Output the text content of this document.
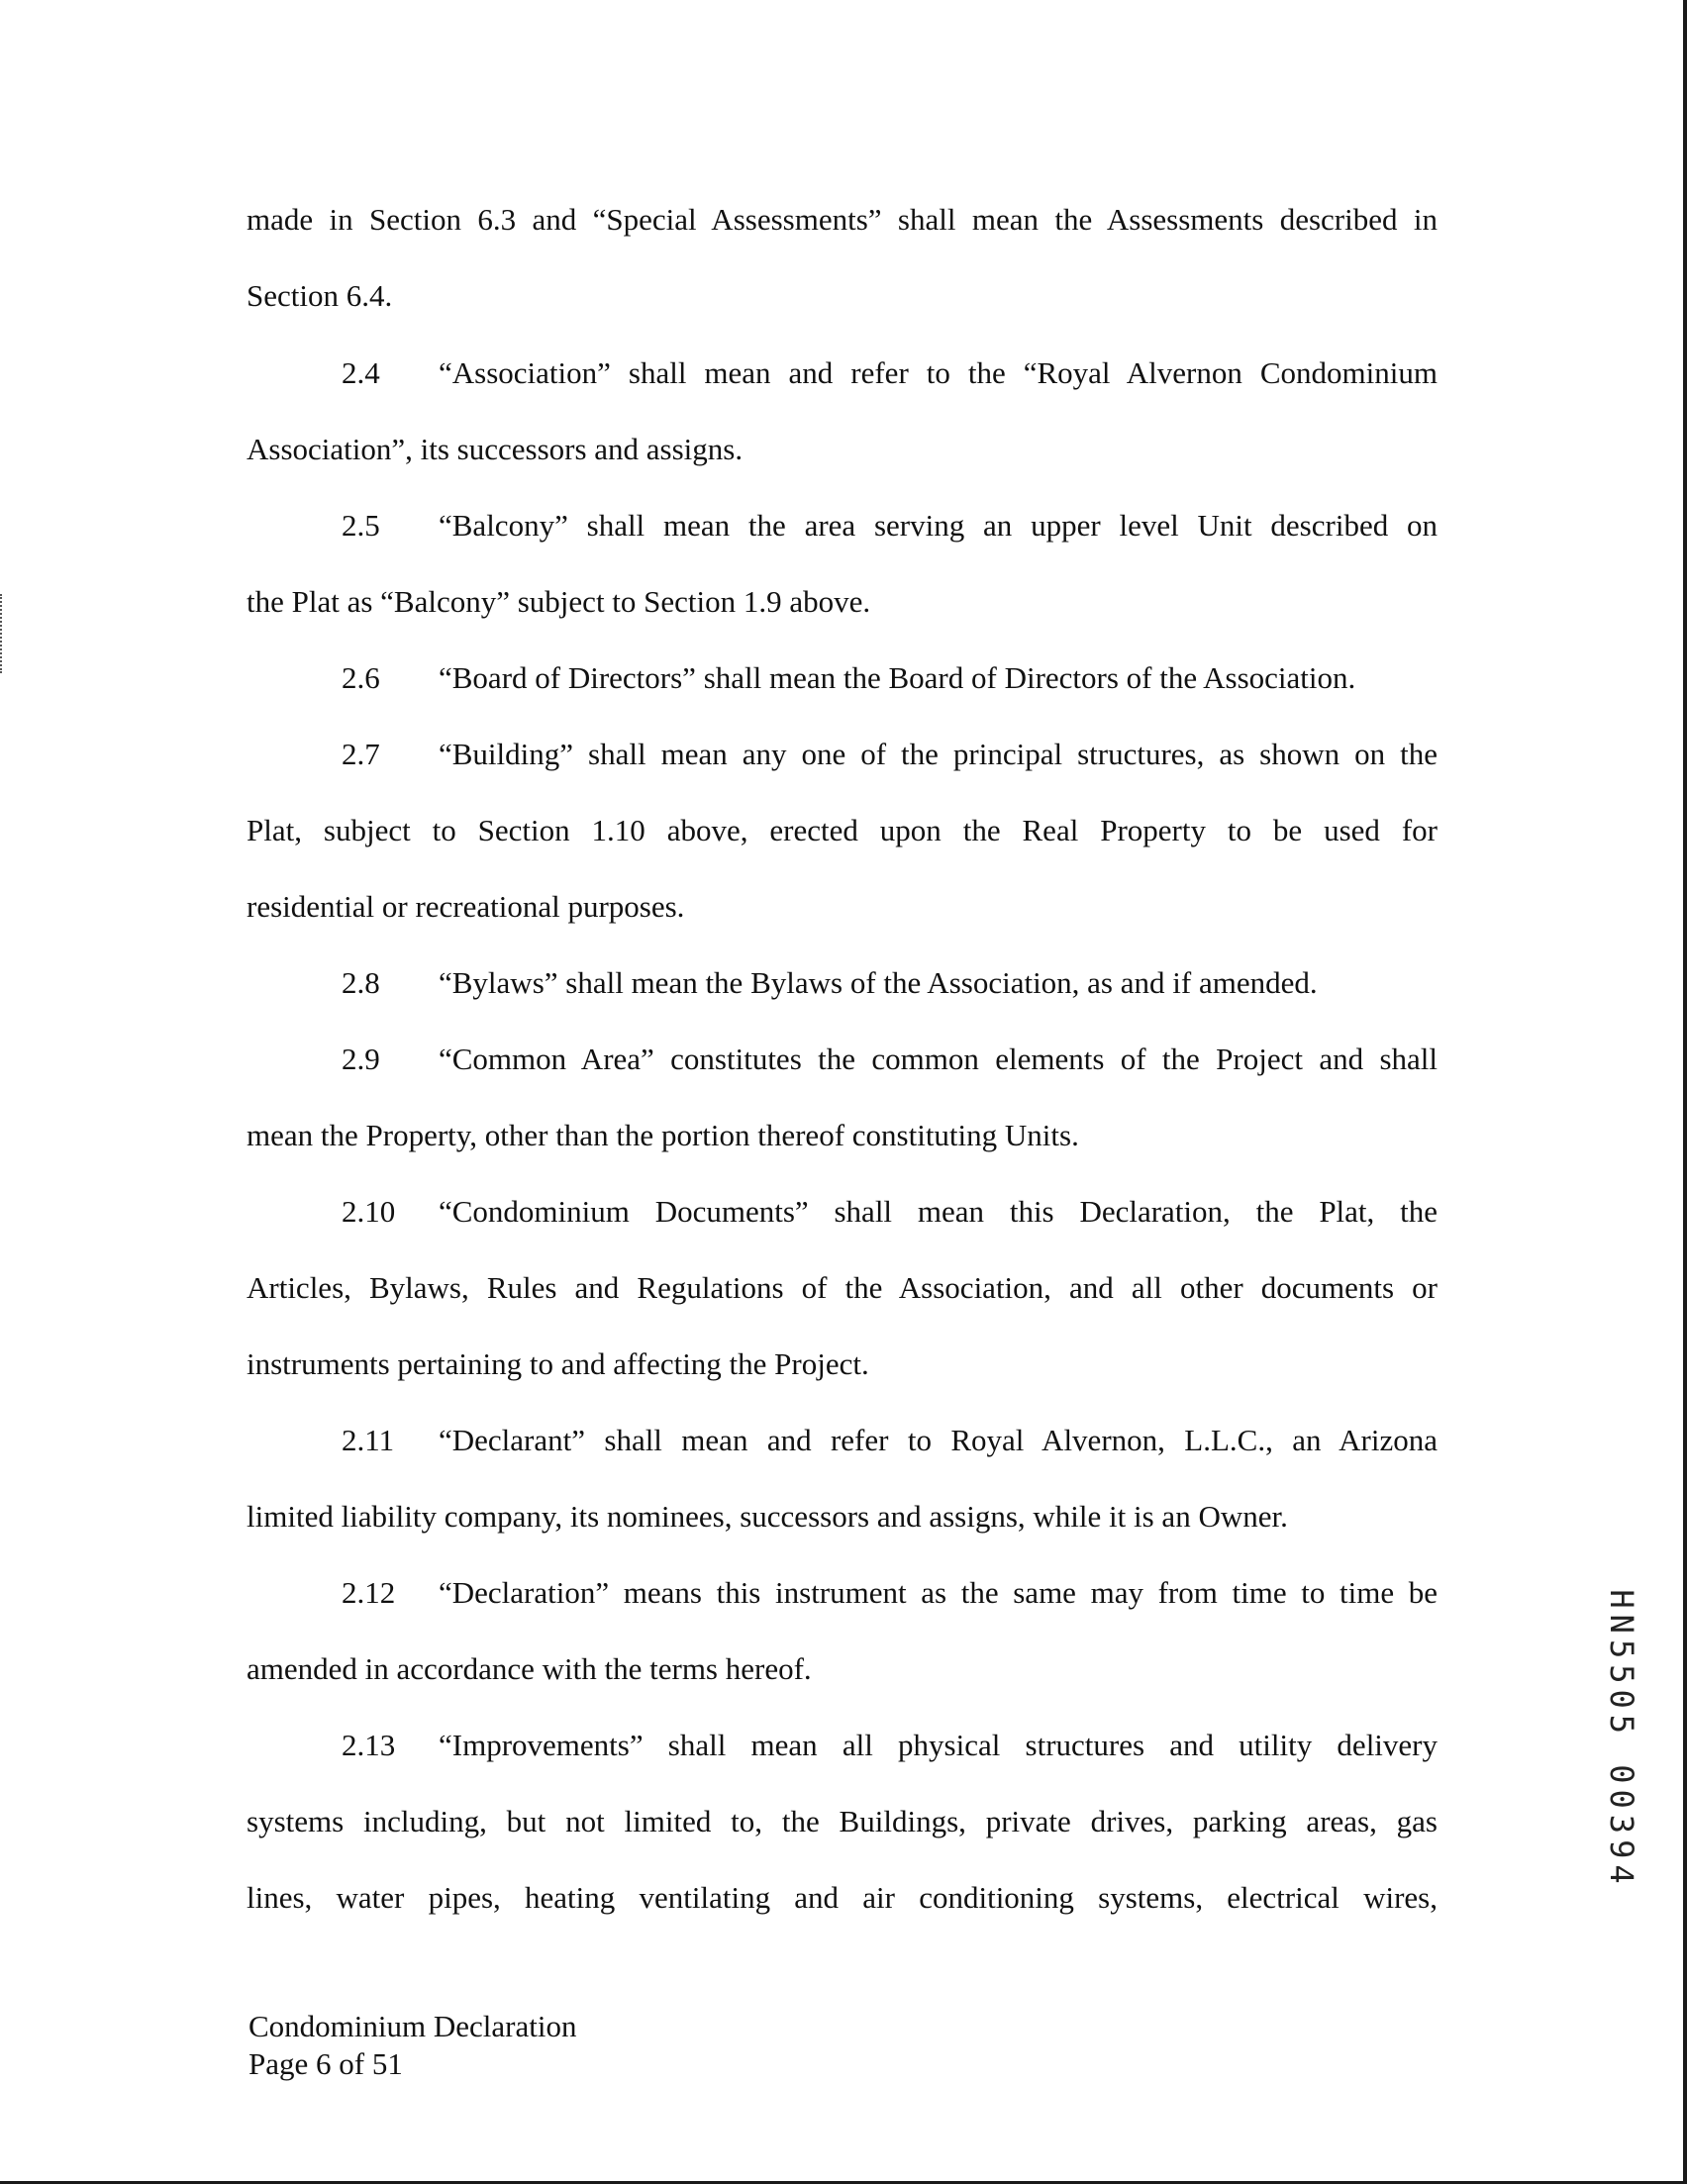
made in Section 6.3 and “Special Assessments” shall mean the Assessments described in
Section 6.4.
2.4 “Association” shall mean and refer to the “Royal Alvernon Condominium
Association”, its successors and assigns.
2.5 “Balcony” shall mean the area serving an upper level Unit described on
the Plat as “Balcony” subject to Section 1.9 above.
2.6 “Board of Directors” shall mean the Board of Directors of the Association.
2.7 “Building” shall mean any one of the principal structures, as shown on the
Plat, subject to Section 1.10 above, erected upon the Real Property to be used for
residential or recreational purposes.
2.8 “Bylaws” shall mean the Bylaws of the Association, as and if amended.
2.9 “Common Area” constitutes the common elements of the Project and shall
mean the Property, other than the portion thereof constituting Units.
2.10 “Condominium Documents” shall mean this Declaration, the Plat, the
Articles, Bylaws, Rules and Regulations of the Association, and all other documents or
instruments pertaining to and affecting the Project.
2.11 “Declarant” shall mean and refer to Royal Alvernon, L.L.C., an Arizona
limited liability company, its nominees, successors and assigns, while it is an Owner.
2.12 “Declaration” means this instrument as the same may from time to time be
amended in accordance with the terms hereof.
2.13 “Improvements” shall mean all physical structures and utility delivery
systems including, but not limited to, the Buildings, private drives, parking areas, gas
lines, water pipes, heating ventilating and air conditioning systems, electrical wires,
Condominium Declaration
Page 6 of 51
HN5505 00394
